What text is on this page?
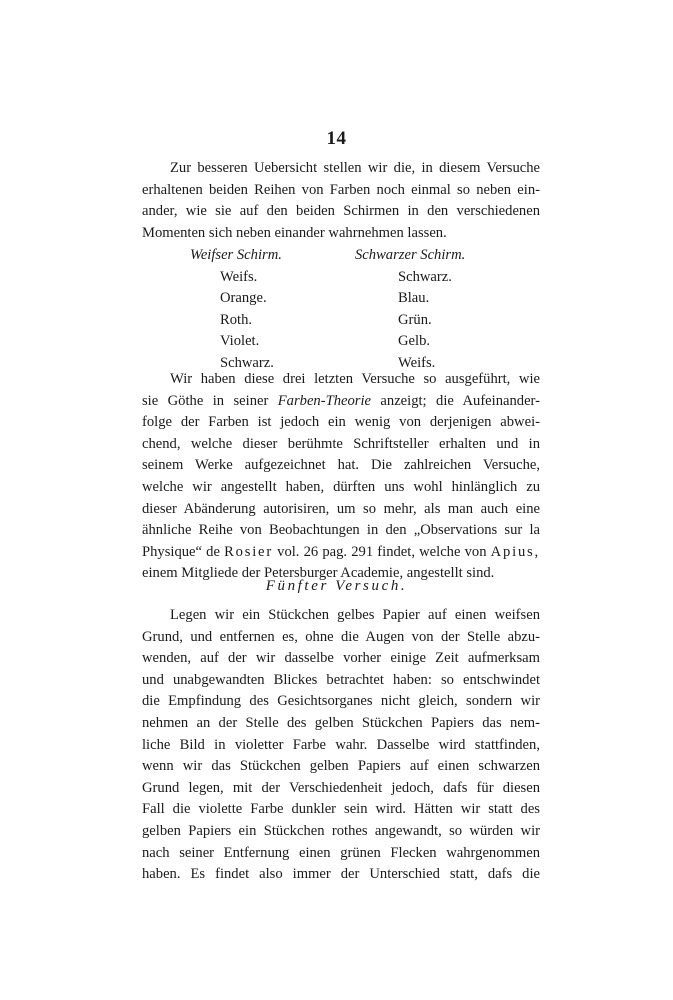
14
Zur besseren Uebersicht stellen wir die, in diesem Versuche
erhaltenen beiden Reihen von Farben noch einmal so neben ein-
ander, wie sie auf den beiden Schirmen in den verschiedenen
Momenten sich neben einander wahrnehmen lassen.
Weifser Schirm.
Weifs.
Orange.
Roth.
Violet.
Schwarz.
Schwarzer Schirm.
Schwarz.
Blau.
Grün.
Gelb.
Weifs.
Wir haben diese drei letzten Versuche so ausgeführt, wie
sie Göthe in seiner Farben-Theorie anzeigt; die Aufeinander-
folge der Farben ist jedoch ein wenig von derjenigen abwei-
chend, welche dieser berühmte Schriftsteller erhalten und in
seinem Werke aufgezeichnet hat. Die zahlreichen Versuche,
welche wir angestellt haben, dürften uns wohl hinlänglich zu
dieser Abänderung autorisiren, um so mehr, als man auch eine
ähnliche Reihe von Beobachtungen in den „Observations sur la
Physique“ de Rosier vol. 26 pag. 291 findet, welche von Apius,
einem Mitgliede der Petersburger Academie, angestellt sind.
Fünfter Versuch.
Legen wir ein Stückchen gelbes Papier auf einen weifsen
Grund, und entfernen es, ohne die Augen von der Stelle abzu-
wenden, auf der wir dasselbe vorher einige Zeit aufmerksam
und unabgewandten Blickes betrachtet haben: so entschwindet
die Empfindung des Gesichtsorganes nicht gleich, sondern wir
nehmen an der Stelle des gelben Stückchen Papiers das nem-
liche Bild in violetter Farbe wahr. Dasselbe wird stattfinden,
wenn wir das Stückchen gelben Papiers auf einen schwarzen
Grund legen, mit der Verschiedenheit jedoch, dafs für diesen
Fall die violette Farbe dunkler sein wird. Hätten wir statt des
gelben Papiers ein Stückchen rothes angewandt, so würden wir
nach seiner Entfernung einen grünen Flecken wahrgenommen
haben. Es findet also immer der Unterschied statt, dafs die
